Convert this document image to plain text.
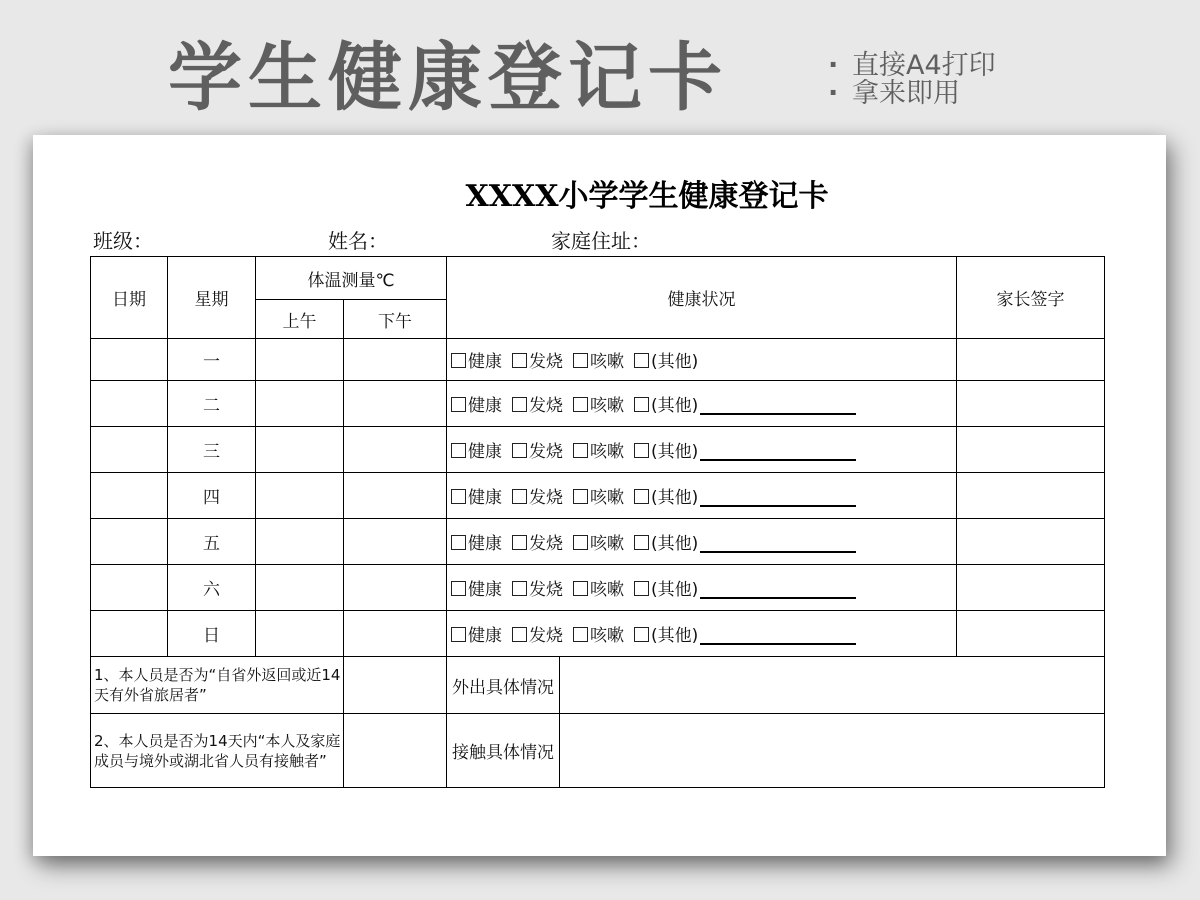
学生健康登记卡	· 直接A4打印
· 拿来即用
XXXX小学学生健康登记卡
班级：	姓名：	家庭住址：
日期	星期	体温测量℃		健康状况		家长签字
		上午	下午			
	一			健康 发烧 咳嗽 (其他)		
	二			健康 发烧 咳嗽 (其他)		
	三			健康 发烧 咳嗽 (其他)		
	四			健康 发烧 咳嗽 (其他)		
	五			健康 发烧 咳嗽 (其他)		
	六			健康 发烧 咳嗽 (其他)		
	日			健康 发烧 咳嗽 (其他)		
1、本人员是否为“自省外返回或近14天有外省旅居者”				外出具体情况		
2、本人员是否为14天内“本人及家庭成员与境外或湖北省人员有接触者”				接触具体情况		
